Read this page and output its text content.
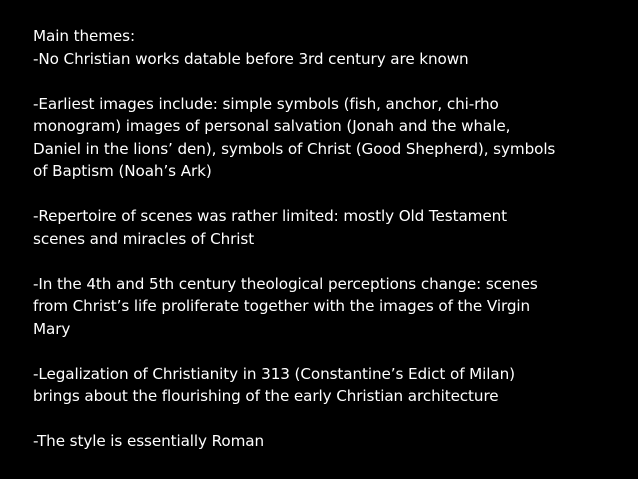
Main themes:

-No Christian works datable before 3rd century are known

-Earliest images include: simple symbols (fish, anchor, chi-rho

monogram) images of personal salvation (Jonah and the whale,

Daniel in the lions’ den), symbols of Christ (Good Shepherd), symbols

of Baptism (Noah’s Ark)

-Repertoire of scenes was rather limited: mostly Old Testament

scenes and miracles of Christ

-In the 4th and 5th century theological perceptions change: scenes

from Christ’s life proliferate together with the images of the Virgin

Mary

-Legalization of Christianity in 313 (Constantine’s Edict of Milan)

brings about the flourishing of the early Christian architecture

-The style is essentially Roman
